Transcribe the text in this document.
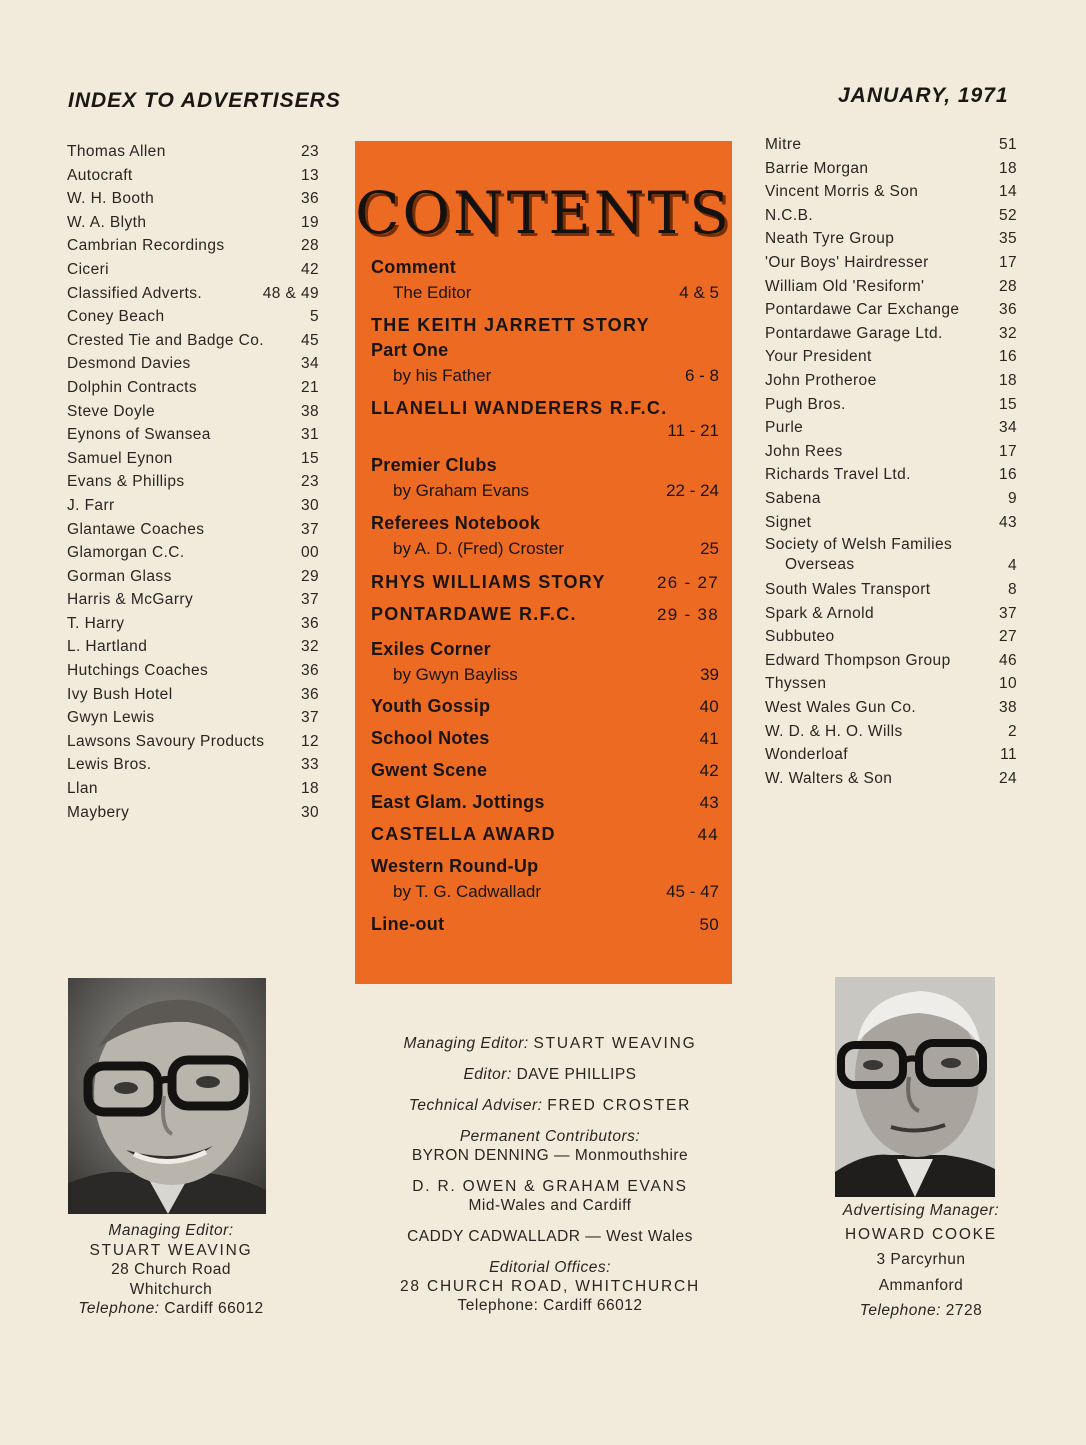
INDEX TO ADVERTISERS	JANUARY, 1971
Thomas Allen	23
Autocraft	13
W. H. Booth	36
W. A. Blyth	19
Cambrian Recordings	28
Ciceri	42
Classified Adverts.	48 & 49
Coney Beach	5
Crested Tie and Badge Co. 45
Desmond Davies	34
Dolphin Contracts	21
Steve Doyle	38
Eynons of Swansea	31
Samuel Eynon	15
Evans & Phillips	23
J. Farr	30
Glantawe Coaches	37
Glamorgan C.C.	00
Gorman Glass	29
Harris & McGarry	37
T. Harry	36
L. Hartland	32
Hutchings Coaches	36
Ivy Bush Hotel	36
Gwyn Lewis	37
Lawsons Savoury Products 12
Lewis Bros.	33
Llan	18
Maybery	30
Mitre	51
Barrie Morgan	18
Vincent Morris & Son	14
N.C.B.	52
Neath Tyre Group	35
'Our Boys' Hairdresser	17
William Old 'Resiform'	28
Pontardawe Car Exchange	36
Pontardawe Garage Ltd.	32
Your President	16
John Protheroe	18
Pugh Bros.	15
Purle	34
John Rees	17
Richards Travel Ltd.	16
Sabena	9
Signet	43
Society of Welsh Families
Overseas	4
South Wales Transport	8
Spark & Arnold	37
Subbuteo	27
Edward Thompson Group	46
Thyssen	10
West Wales Gun Co.	38
W. D. & H. O. Wills	2
Wonderloaf	11
W. Walters & Son	24
CONTENTS
Comment
The Editor	4 & 5
THE KEITH JARRETT STORY
Part One
by his Father	6 - 8
LLANELLI WANDERERS R.F.C.
11 - 21
Premier Clubs
by Graham Evans	22 - 24
Referees Notebook
by A. D. (Fred) Croster	25
RHYS WILLIAMS STORY	26 - 27
PONTARDAWE R.F.C.	29 - 38
Exiles Corner
by Gwyn Bayliss	39
Youth Gossip	40
School Notes	41
Gwent Scene	42
East Glam. Jottings	43
CASTELLA AWARD	44
Western Round-Up
by T. G. Cadwalladr	45 - 47
Line-out	50
Managing Editor:
STUART WEAVING
28 Church Road
Whitchurch
Telephone: Cardiff 66012
Advertising Manager:
HOWARD COOKE
3 Parcyrhun
Ammanford
Telephone: 2728
Managing Editor: STUART WEAVING
Editor: DAVE PHILLIPS
Technical Adviser: FRED CROSTER
Permanent Contributors:
BYRON DENNING — Monmouthshire
D. R. OWEN & GRAHAM EVANS
Mid-Wales and Cardiff
CADDY CADWALLADR — West Wales
Editorial Offices:
28 CHURCH ROAD, WHITCHURCH
Telephone: Cardiff 66012
